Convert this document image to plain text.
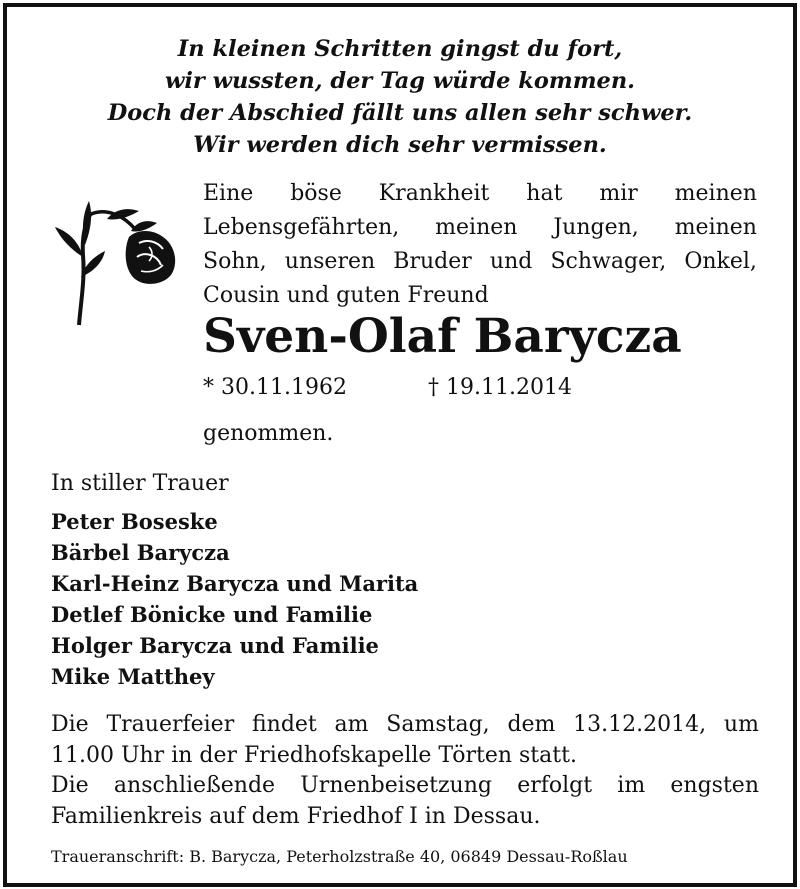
In kleinen Schritten gingst du fort,
wir wussten, der Tag würde kommen.
Doch der Abschied fällt uns allen sehr schwer.
Wir werden dich sehr vermissen.
Eine böse Krankheit hat mir meinen
Lebensgefährten, meinen Jungen, meinen
Sohn, unseren Bruder und Schwager, Onkel,
Cousin und guten Freund
Sven-Olaf Barycza
* 30.11.1962	† 19.11.2014
genommen.
In stiller Trauer
Peter Boseske
Bärbel Barycza
Karl-Heinz Barycza und Marita
Detlef Bönicke und Familie
Holger Barycza und Familie
Mike Matthey
Die Trauerfeier findet am Samstag, dem 13.12.2014, um
11.00 Uhr in der Friedhofskapelle Törten statt.
Die anschließende Urnenbeisetzung erfolgt im engsten
Familienkreis auf dem Friedhof I in Dessau.
Traueranschrift: B. Barycza, Peterholzstraße 40, 06849 Dessau-Roßlau
